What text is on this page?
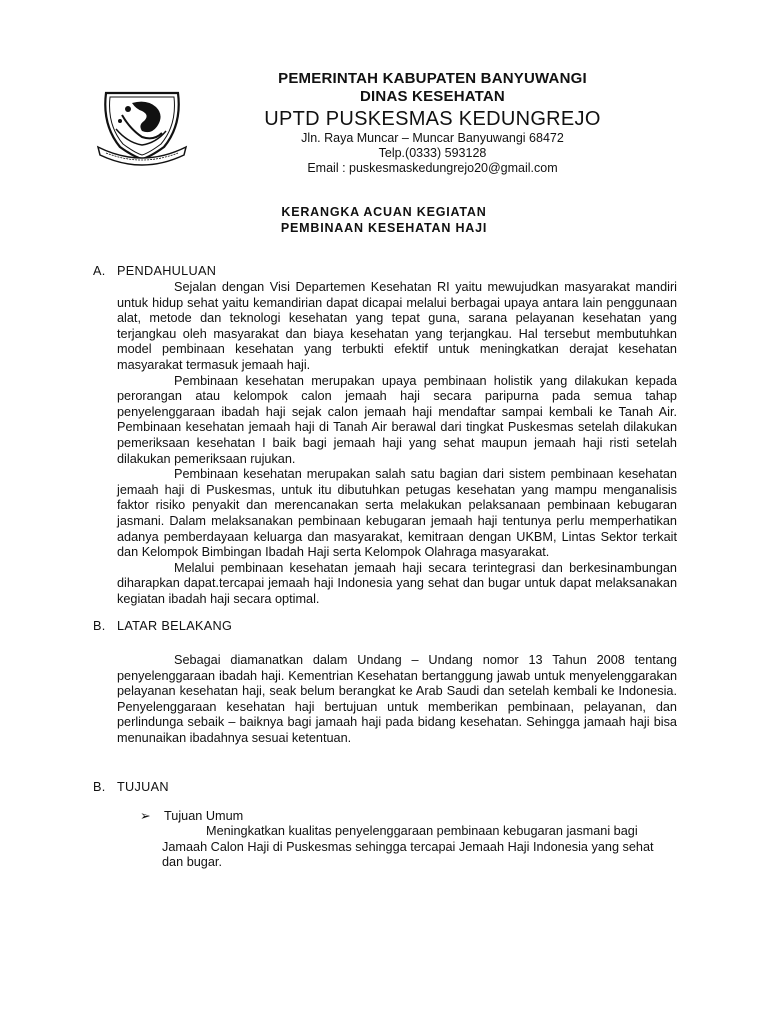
PEMERINTAH KABUPATEN BANYUWANGI
DINAS KESEHATAN
UPTD PUSKESMAS KEDUNGREJO
Jln. Raya Muncar – Muncar Banyuwangi 68472
Telp.(0333) 593128
Email : puskesmaskedungrejo20@gmail.com
KERANGKA ACUAN KEGIATAN
PEMBINAAN KESEHATAN HAJI
A. PENDAHULUAN

Sejalan dengan Visi Departemen Kesehatan RI yaitu mewujudkan masyarakat mandiri untuk hidup sehat yaitu kemandirian dapat dicapai melalui berbagai upaya antara lain penggunaan alat, metode dan teknologi kesehatan yang tepat guna, sarana pelayanan kesehatan yang terjangkau oleh masyarakat dan biaya kesehatan yang terjangkau. Hal tersebut membutuhkan model pembinaan kesehatan yang terbukti efektif untuk meningkatkan derajat kesehatan masyarakat termasuk jemaah haji.

Pembinaan kesehatan merupakan upaya pembinaan holistik yang dilakukan kepada perorangan atau kelompok calon jemaah haji secara paripurna pada semua tahap penyelenggaraan ibadah haji sejak calon jemaah haji mendaftar sampai kembali ke Tanah Air. Pembinaan kesehatan jemaah haji di Tanah Air berawal dari tingkat Puskesmas setelah dilakukan pemeriksaan kesehatan I baik bagi jemaah haji yang sehat maupun jemaah haji risti setelah dilakukan pemeriksaan rujukan.

Pembinaan kesehatan merupakan salah satu bagian dari sistem pembinaan kesehatan jemaah haji di Puskesmas, untuk itu dibutuhkan petugas kesehatan yang mampu menganalisis faktor risiko penyakit dan merencanakan serta melakukan pelaksanaan pembinaan kebugaran jasmani. Dalam melaksanakan pembinaan kebugaran jemaah haji tentunya perlu memperhatikan adanya pemberdayaan keluarga dan masyarakat, kemitraan dengan UKBM, Lintas Sektor terkait dan Kelompok Bimbingan Ibadah Haji serta Kelompok Olahraga masyarakat.

Melalui pembinaan kesehatan jemaah haji secara terintegrasi dan berkesinambungan diharapkan dapat.tercapai jemaah haji Indonesia yang sehat dan bugar untuk dapat melaksanakan kegiatan ibadah haji secara optimal.

B. LATAR BELAKANG

Sebagai diamanatkan dalam Undang – Undang nomor 13 Tahun 2008 tentang penyelenggaraan ibadah haji. Kementrian Kesehatan bertanggung jawab untuk menyelenggarakan pelayanan kesehatan haji, seak belum berangkat ke Arab Saudi dan setelah kembali ke Indonesia. Penyelenggaraan kesehatan haji bertujuan untuk memberikan pembinaan, pelayanan, dan perlindunga sebaik – baiknya bagi jamaah haji pada bidang kesehatan. Sehingga jamaah haji bisa menunaikan ibadahnya sesuai ketentuan.

B. TUJUAN
➢ Tujuan Umum

Meningkatkan kualitas penyelenggaraan pembinaan kebugaran jasmani bagi Jamaah Calon Haji di Puskesmas sehingga tercapai Jemaah Haji Indonesia yang sehat dan bugar.
